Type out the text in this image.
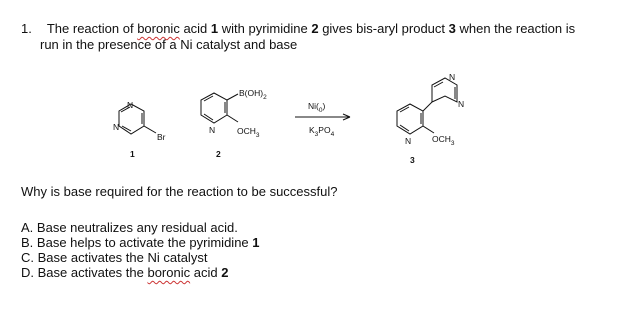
1. The reaction of boronic acid 1 with pyrimidine 2 gives bis-aryl product 3 when the reaction is
run in the presence of a Ni catalyst and base
N
N
Br
1
B(OH)2
N	OCH3
2
Ni(0)
K3PO4
N
N
N OCH3
3
Why is base required for the reaction to be successful?
A. Base neutralizes any residual acid.
B. Base helps to activate the pyrimidine 1
C. Base activates the Ni catalyst
D. Base activates the boronic acid 2
